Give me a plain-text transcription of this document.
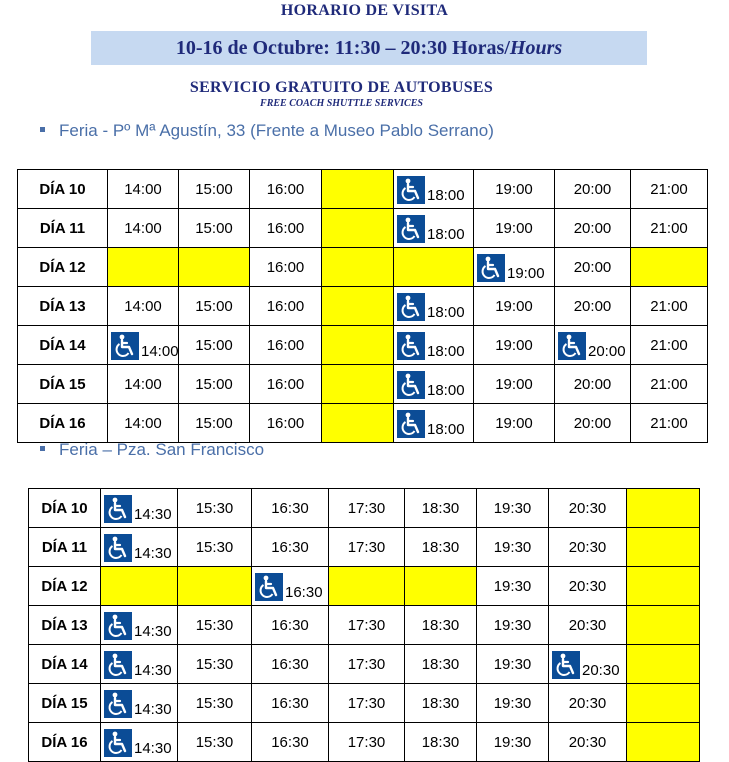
HORARIO DE VISITA
10-16 de Octubre: 11:30 – 20:30 Horas/Hours
SERVICIO GRATUITO DE AUTOBUSES
FREE COACH SHUTTLE SERVICES
Feria - Pº Mª Agustín, 33 (Frente a Museo Pablo Serrano)
DÍA 10	14:00	15:00	16:00		18:00	19:00	20:00	21:00
DÍA 11	14:00	15:00	16:00		18:00	19:00	20:00	21:00
DÍA 12			16:00			19:00	20:00	
DÍA 13	14:00	15:00	16:00		18:00	19:00	20:00	21:00
DÍA 14	14:00	15:00	16:00		18:00	19:00	20:00	21:00
DÍA 15	14:00	15:00	16:00		18:00	19:00	20:00	21:00
DÍA 16	14:00	15:00	16:00		18:00	19:00	20:00	21:00
Feria – Pza. San Francisco
DÍA 10	14:30	15:30	16:30	17:30	18:30	19:30	20:30	
DÍA 11	14:30	15:30	16:30	17:30	18:30	19:30	20:30	
DÍA 12			16:30			19:30	20:30	
DÍA 13	14:30	15:30	16:30	17:30	18:30	19:30	20:30	
DÍA 14	14:30	15:30	16:30	17:30	18:30	19:30	20:30	

DÍA 15	14:30	15:30	16:30	17:30	18:30	19:30	20:30	
DÍA 16	14:30	15:30	16:30	17:30	18:30	19:30	20:30	
